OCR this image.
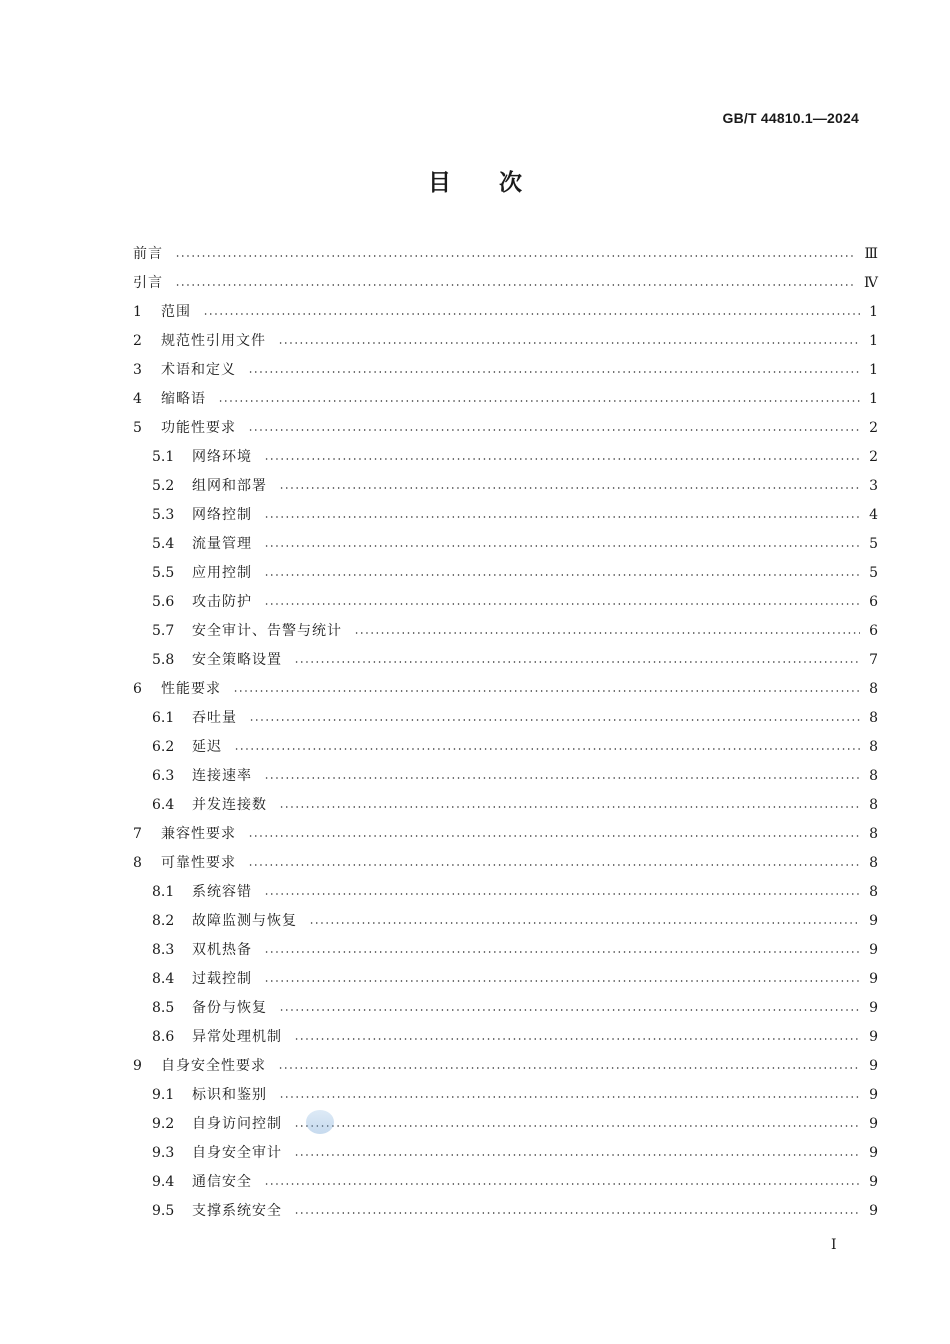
GB/T 44810.1—2024
目次
前言	Ⅲ
引言	Ⅳ
1	范围	1
2	规范性引用文件	1
3	术语和定义	1
4	缩略语	1
5	功能性要求	2
5.1	网络环境	2
5.2	组网和部署	3
5.3	网络控制	4
5.4	流量管理	5
5.5	应用控制	5
5.6	攻击防护	6
5.7	安全审计、告警与统计	6
5.8	安全策略设置	7
6	性能要求	8
6.1	吞吐量	8
6.2	延迟	8
6.3	连接速率	8
6.4	并发连接数	8
7	兼容性要求	8
8	可靠性要求	8
8.1	系统容错	8
8.2	故障监测与恢复	9
8.3	双机热备	9
8.4	过载控制	9
8.5	备份与恢复	9
8.6	异常处理机制	9
9	自身安全性要求	9
9.1	标识和鉴别	9
9.2	自身访问控制	9
9.3	自身安全审计	9
9.4	通信安全	9
9.5	支撑系统安全	9
Ⅰ
